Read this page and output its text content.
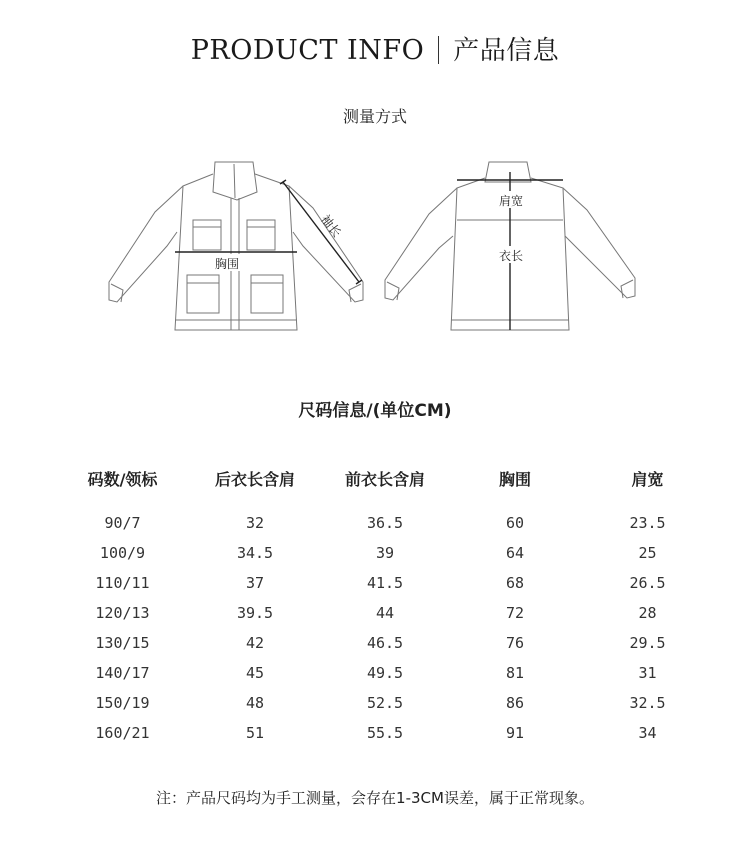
PRODUCT INFO 产品信息
测量方式
胸围
袖长
肩宽
衣长
尺码信息/(单位CM)
码数/领标	后衣长含肩	前衣长含肩	胸围	肩宽
90/7	32	36.5	60	23.5
100/9	34.5	39	64	25
110/11	37	41.5	68	26.5
120/13	39.5	44	72	28
130/15	42	46.5	76	29.5
140/17	45	49.5	81	31
150/19	48	52.5	86	32.5
160/21	51	55.5	91	34
注：产品尺码均为手工测量，会存在1-3CM误差，属于正常现象。
